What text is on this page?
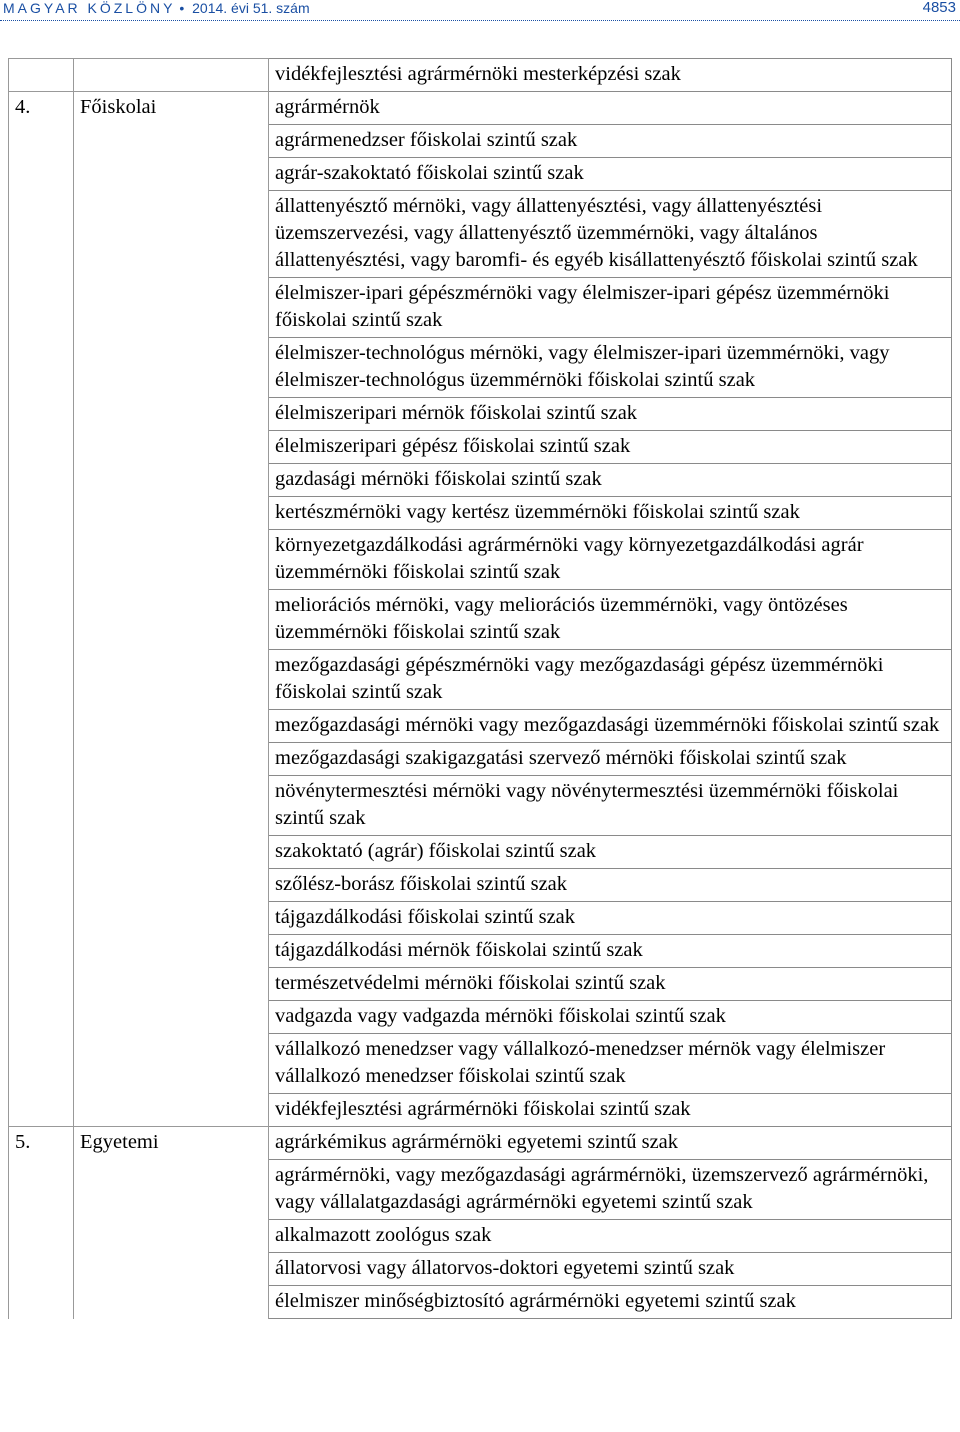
MAGYAR KÖZLÖNY • 2014. évi 51. szám	4853
		vidékfejlesztési agrármérnöki mesterképzési szak
4.	Főiskolai	agrármérnök
		agrármenedzser főiskolai szintű szak
		agrár-szakoktató főiskolai szintű szak
		állattenyésztő mérnöki, vagy állattenyésztési, vagy állattenyésztési üzemszervezési, vagy állattenyésztő üzemmérnöki, vagy általános állattenyésztési, vagy baromfi- és egyéb kisállattenyésztő főiskolai szintű szak
		élelmiszer-ipari gépészmérnöki vagy élelmiszer-ipari gépész üzemmérnöki főiskolai szintű szak
		élelmiszer-technológus mérnöki, vagy élelmiszer-ipari üzemmérnöki, vagy élelmiszer-technológus üzemmérnöki főiskolai szintű szak
		élelmiszeripari mérnök főiskolai szintű szak
		élelmiszeripari gépész főiskolai szintű szak
		gazdasági mérnöki főiskolai szintű szak
		kertészmérnöki vagy kertész üzemmérnöki főiskolai szintű szak
		környezetgazdálkodási agrármérnöki vagy környezetgazdálkodási agrár üzemmérnöki főiskolai szintű szak
		meliorációs mérnöki, vagy meliorációs üzemmérnöki, vagy öntözéses üzemmérnöki főiskolai szintű szak
		mezőgazdasági gépészmérnöki vagy mezőgazdasági gépész üzemmérnöki főiskolai szintű szak
		mezőgazdasági mérnöki vagy mezőgazdasági üzemmérnöki főiskolai szintű szak
		mezőgazdasági szakigazgatási szervező mérnöki főiskolai szintű szak
		növénytermesztési mérnöki vagy növénytermesztési üzemmérnöki főiskolai szintű szak
		szakoktató (agrár) főiskolai szintű szak
		szőlész-borász főiskolai szintű szak
		tájgazdálkodási főiskolai szintű szak
		tájgazdálkodási mérnök főiskolai szintű szak
		természetvédelmi mérnöki főiskolai szintű szak
		vadgazda vagy vadgazda mérnöki főiskolai szintű szak
		vállalkozó menedzser vagy vállalkozó-menedzser mérnök vagy élelmiszer vállalkozó menedzser főiskolai szintű szak
		vidékfejlesztési agrármérnöki főiskolai szintű szak
5.	Egyetemi	agrárkémikus agrármérnöki egyetemi szintű szak
		agrármérnöki, vagy mezőgazdasági agrármérnöki, üzemszervező agrármérnöki, vagy vállalatgazdasági agrármérnöki egyetemi szintű szak
		alkalmazott zoológus szak
		állatorvosi vagy állatorvos-doktori egyetemi szintű szak
		élelmiszer minőségbiztosító agrármérnöki egyetemi szintű szak
